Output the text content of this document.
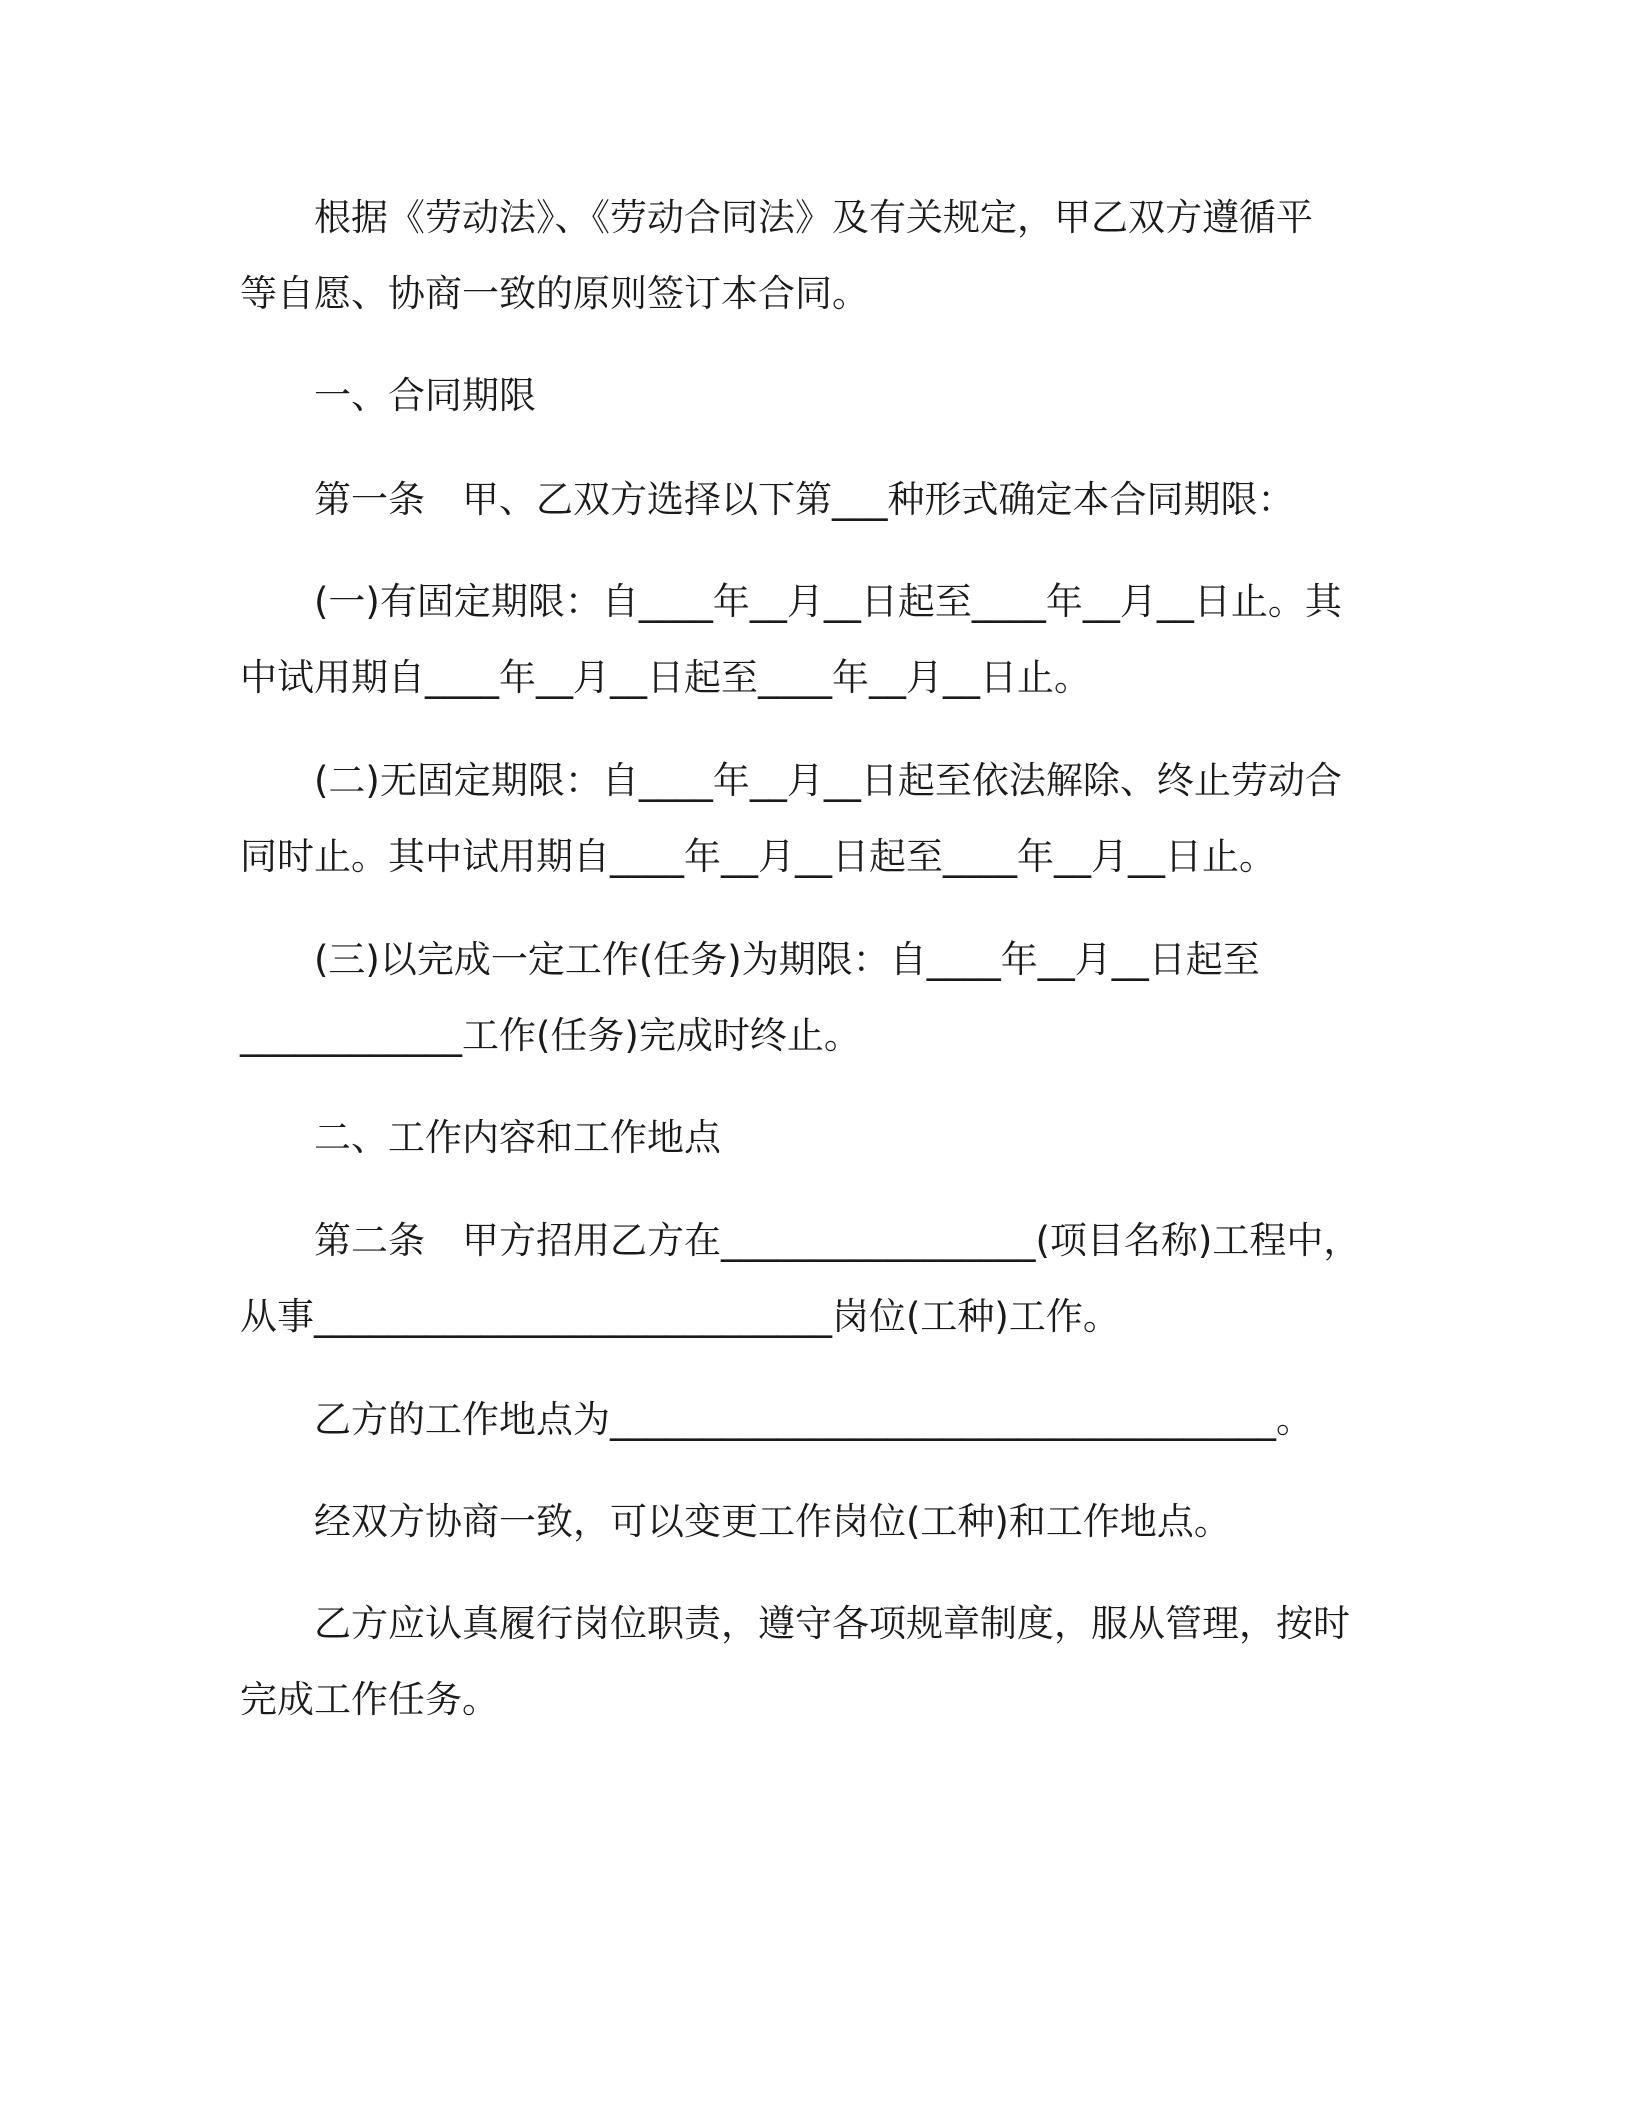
根据《劳动法》、《劳动合同法》及有关规定，甲乙双方遵循平
等自愿、协商一致的原则签订本合同。
一、合同期限
第一条　甲、乙双方选择以下第___种形式确定本合同期限：
(一)有固定期限：自____年__月__日起至____年__月__日止。其
中试用期自____年__月__日起至____年__月__日止。
(二)无固定期限：自____年__月__日起至依法解除、终止劳动合
同时止。其中试用期自____年__月__日起至____年__月__日止。
(三)以完成一定工作(任务)为期限：自____年__月__日起至
____________工作(任务)完成时终止。
二、工作内容和工作地点
第二条　甲方招用乙方在_________________(项目名称)工程中，
从事____________________________岗位(工种)工作。
乙方的工作地点为____________________________________。
经双方协商一致，可以变更工作岗位(工种)和工作地点。
乙方应认真履行岗位职责，遵守各项规章制度，服从管理，按时
完成工作任务。
